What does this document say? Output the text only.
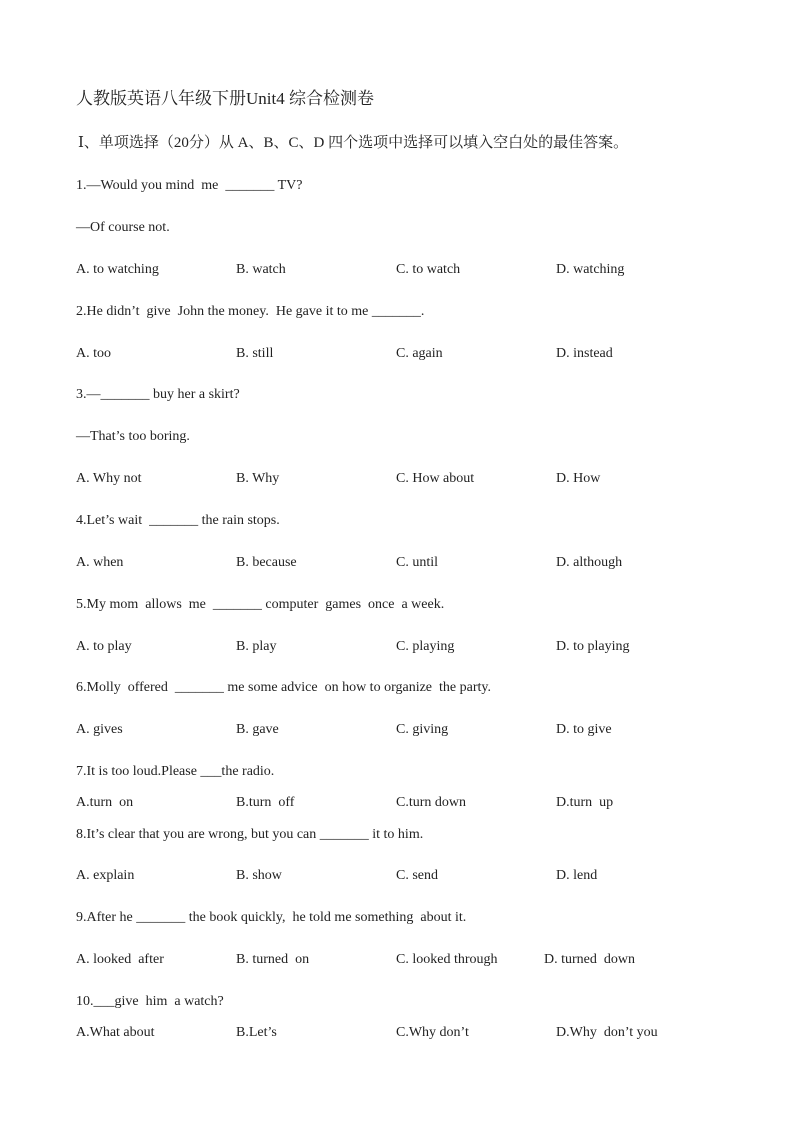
人教版英语八年级下册Unit4 综合检测卷
Ⅰ、单项选择（20分）从 A、B、C、D 四个选项中选择可以填入空白处的最佳答案。
1.—Would you mind  me  _______ TV?
—Of course not.
A. to watching	B. watch	C. to watch	D. watching
2.He didn’t  give  John the money.  He gave it to me _______.
A. too	B. still	C. again	D. instead
3.—_______ buy her a skirt?
—That’s too boring.
A. Why not	B. Why	C. How about	D. How
4.Let’s wait  _______ the rain stops.
A. when	B. because	C. until	D. although
5.My mom  allows  me  _______ computer  games  once  a week.
A. to play	B. play	C. playing	D. to playing
6.Molly  offered  _______ me some advice  on how to organize  the party.
A. gives	B. gave	C. giving	D. to give
7.It is too loud.Please ___the radio.
A.turn  on	B.turn  off	C.turn down	D.turn  up
8.It’s clear that you are wrong, but you can _______ it to him.
A. explain	B. show	C. send	D. lend
9.After he _______ the book quickly,  he told me something  about it.
A. looked  after	B. turned  on	C. looked through	D. turned  down
10.___give  him  a watch?
A.What about	B.Let’s	C.Why don’t	D.Why  don’t you
